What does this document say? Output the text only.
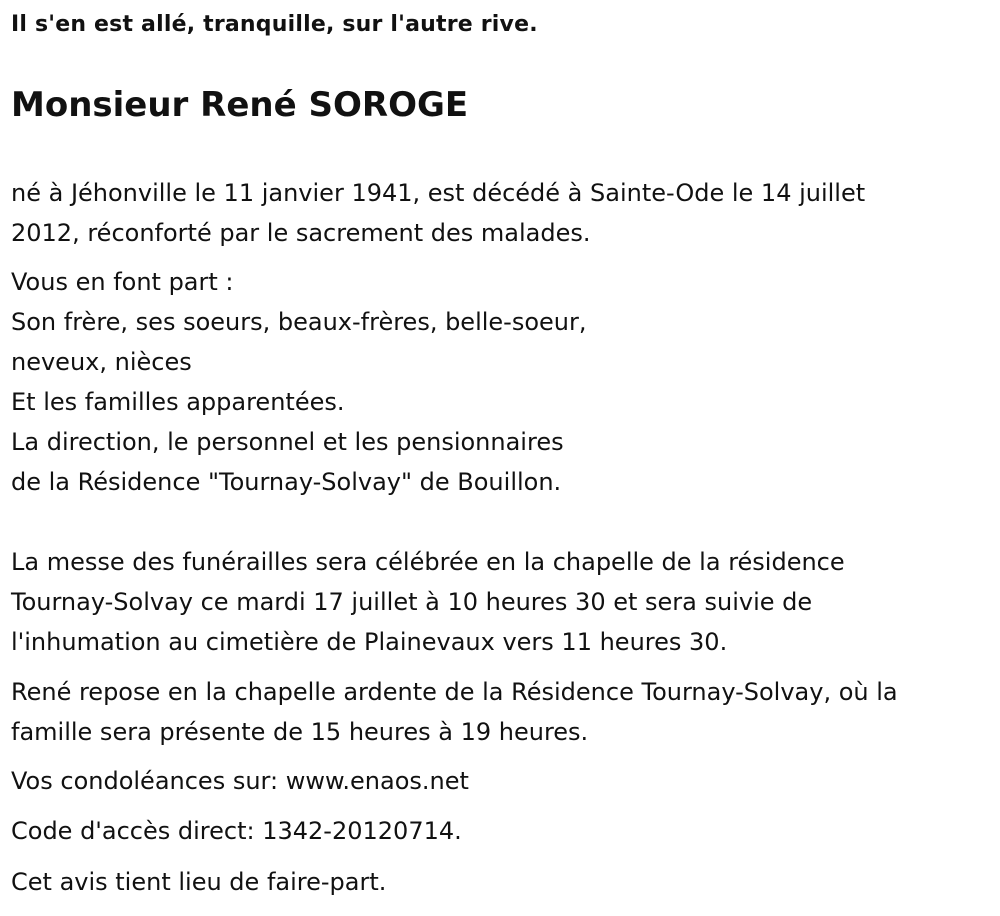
Il s'en est allé, tranquille, sur l'autre rive.
Monsieur René SOROGE
né à Jéhonville le 11 janvier 1941, est décédé à Sainte-Ode le 14 juillet
2012, réconforté par le sacrement des malades.
Vous en font part :
Son frère, ses soeurs, beaux-frères, belle-soeur,
neveux, nièces
Et les familles apparentées.
La direction, le personnel et les pensionnaires
de la Résidence "Tournay-Solvay" de Bouillon.
La messe des funérailles sera célébrée en la chapelle de la résidence
Tournay-Solvay ce mardi 17 juillet à 10 heures 30 et sera suivie de
l'inhumation au cimetière de Plainevaux vers 11 heures 30.
René repose en la chapelle ardente de la Résidence Tournay-Solvay, où la
famille sera présente de 15 heures à 19 heures.
Vos condoléances sur: www.enaos.net
Code d'accès direct: 1342-20120714.
Cet avis tient lieu de faire-part.
